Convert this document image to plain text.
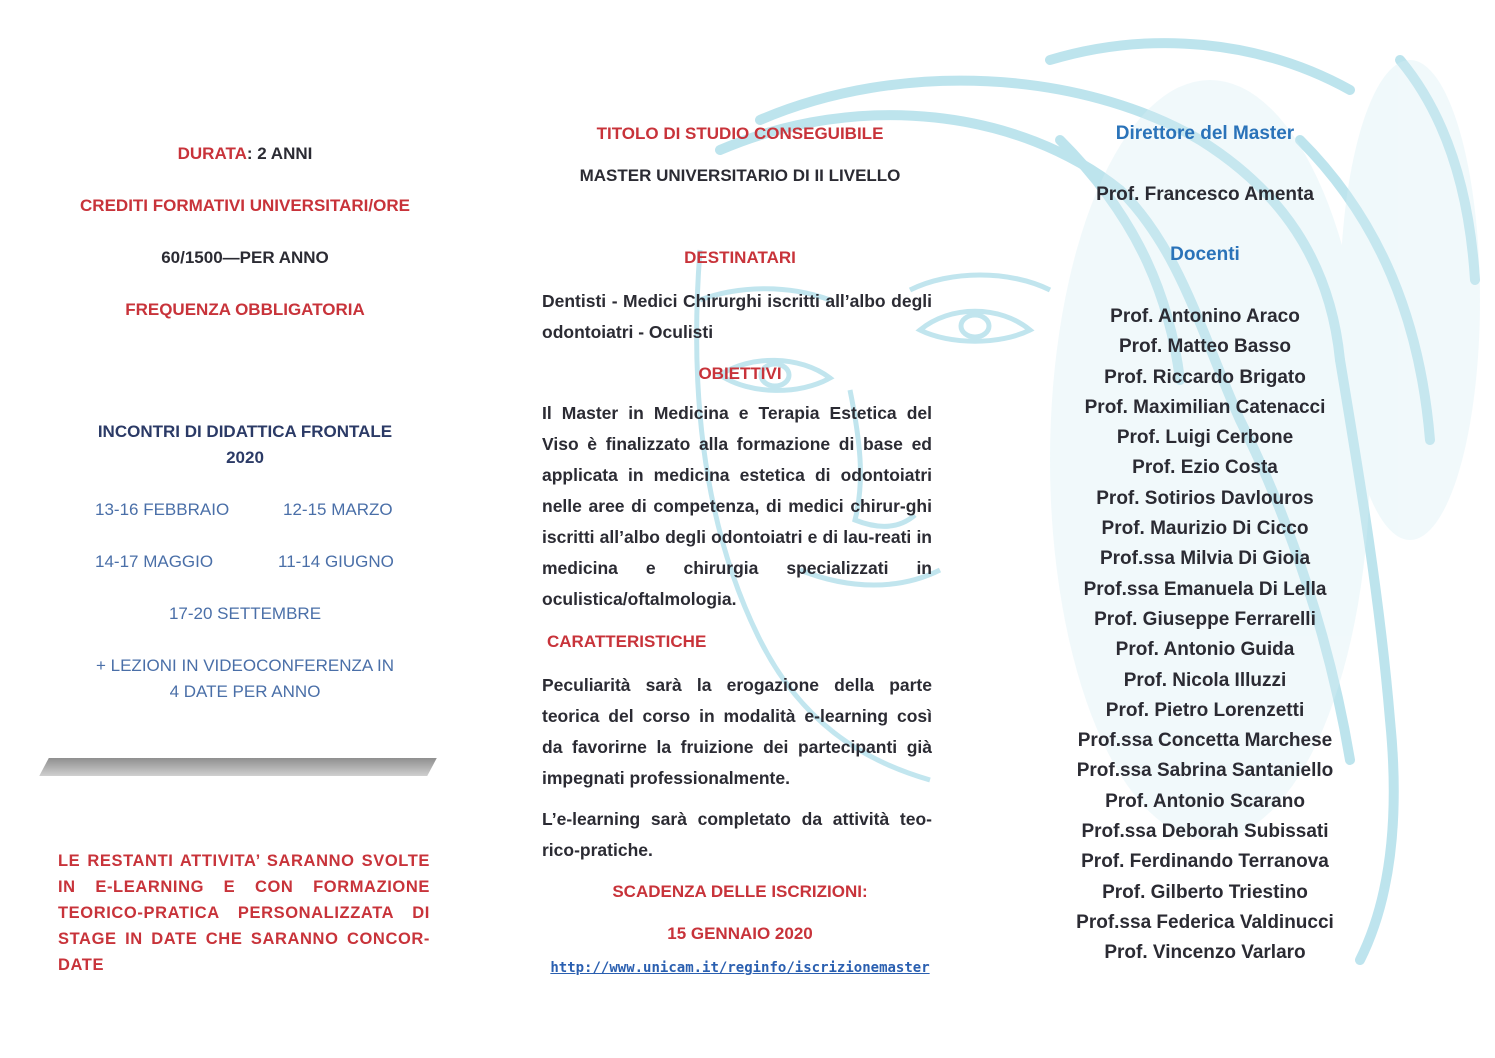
DURATA: 2 ANNI
CREDITI FORMATIVI UNIVERSITARI/ORE
60/1500—PER ANNO
FREQUENZA OBBLIGATORIA
INCONTRI DI DIDATTICA FRONTALE
2020
13-16 FEBBRAIO	12-15 MARZO
14-17 MAGGIO	11-14 GIUGNO
17-20 SETTEMBRE
+ LEZIONI IN VIDEOCONFERENZA IN
4 DATE PER ANNO
LE RESTANTI ATTIVITA’ SARANNO SVOLTE IN E-LEARNING E CON FORMAZIONE TEORICO-PRATICA PERSONALIZZATA DI STAGE IN DATE CHE SARANNO CONCOR-DATE
TITOLO DI STUDIO CONSEGUIBILE
MASTER UNIVERSITARIO DI II LIVELLO
DESTINATARI
Dentisti - Medici Chirurghi iscritti all’albo degli odontoiatri - Oculisti
OBIETTIVI
Il Master in Medicina e Terapia Estetica del Viso è finalizzato alla formazione di base ed applicata in medicina estetica di odontoiatri nelle aree di competenza, di medici chirur-ghi iscritti all’albo degli odontoiatri e di lau-reati in medicina e chirurgia specializzati in oculistica/oftalmologia.
CARATTERISTICHE
Peculiarità sarà la erogazione della parte teorica del corso in modalità e-learning così da favorirne la fruizione dei partecipanti già impegnati professionalmente.
L’e-learning sarà completato da attività teo-rico-pratiche.
SCADENZA DELLE ISCRIZIONI:
15 GENNAIO 2020
http://www.unicam.it/reginfo/iscrizionemaster
Direttore del Master
Prof. Francesco Amenta
Docenti
Prof. Antonino Araco
Prof. Matteo Basso
Prof. Riccardo Brigato
Prof. Maximilian Catenacci
Prof. Luigi Cerbone
Prof. Ezio Costa
Prof. Sotirios Davlouros
Prof. Maurizio Di Cicco
Prof.ssa Milvia Di Gioia
Prof.ssa Emanuela Di Lella
Prof. Giuseppe Ferrarelli
Prof. Antonio Guida
Prof. Nicola Illuzzi
Prof. Pietro Lorenzetti
Prof.ssa Concetta Marchese
Prof.ssa Sabrina Santaniello
Prof. Antonio Scarano
Prof.ssa Deborah Subissati
Prof. Ferdinando Terranova
Prof. Gilberto Triestino
Prof.ssa Federica Valdinucci
Prof. Vincenzo Varlaro
